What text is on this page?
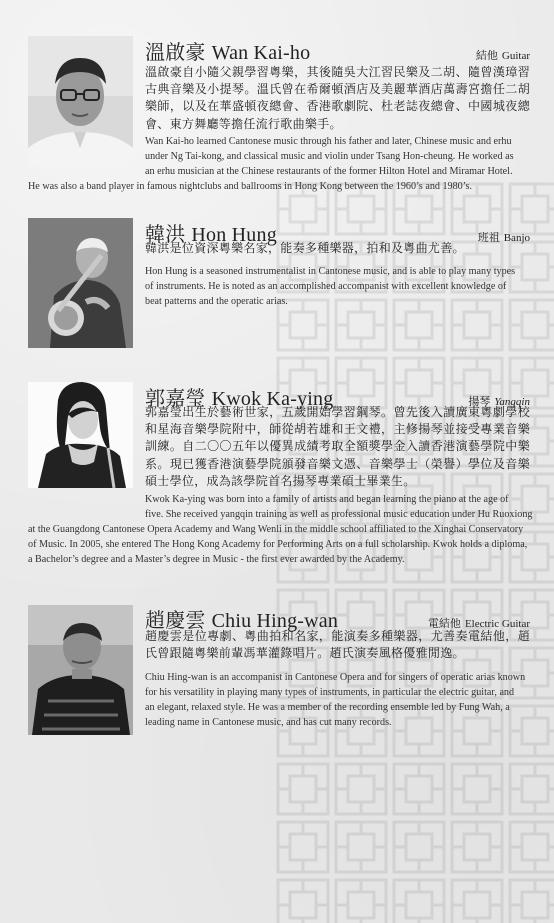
溫啟豪 Wan Kai-ho	結他 Guitar
溫啟豪自小隨父親學習粵樂，其後隨吳大江習民樂及二胡、隨曾漢璋習古典音樂及小提琴。溫氏曾在希爾頓酒店及美麗華酒店萬壽宮擔任二胡樂師，以及在華盛頓夜總會、香港歌劇院、杜老誌夜總會、中國城夜總會、東方舞廳等擔任流行歌曲樂手。
Wan Kai-ho learned Cantonese music through his father and later, Chinese music and erhu
under Ng Tai-kong, and classical music and violin under Tsang Hon-cheung. He worked as
an erhu musician at the Chinese restaurants of the former Hilton Hotel and Miramar Hotel.
He was also a band player in famous nightclubs and ballrooms in Hong Kong between the 1960’s and 1980’s.
韓洪 Hon Hung	班祖 Banjo
韓洪是位資深粵樂名家，能奏多種樂器，拍和及粵曲尤善。
Hon Hung is a seasoned instrumentalist in Cantonese music, and is able to play many types
of instruments. He is noted as an accomplished accompanist with excellent knowledge of
beat patterns and the operatic arias.
郭嘉瑩 Kwok Ka-ying	揚琴 Yangqin
郭嘉瑩出生於藝術世家，五歲開始學習鋼琴。曾先後入讀廣東粵劇學校和星海音樂學院附中，師從胡若雄和王文禮，主修揚琴並接受專業音樂訓練。自二〇〇五年以優異成績考取全額獎學金入讀香港演藝學院中樂系。現已獲香港演藝學院頒發音樂文憑、音樂學士（榮譽）學位及音樂碩士學位，成為該學院首名揚琴專業碩士畢業生。
Kwok Ka-ying was born into a family of artists and began learning the piano at the age of
five. She received yangqin training as well as professional music education under Hu Ruoxiong
at the Guangdong Cantonese Opera Academy and Wang Wenli in the middle school affiliated to the Xinghai Conservatory
of Music. In 2005, she entered The Hong Kong Academy for Performing Arts on a full scholarship. Kwok holds a diploma,
a Bachelor’s degree and a Master’s degree in Music - the first ever awarded by the Academy.
趙慶雲 Chiu Hing-wan	電結他 Electric Guitar
趙慶雲是位專劇、粵曲拍和名家，能演奏多種樂器，尤善奏電結他，趙氏曾跟隨粵樂前輩馮華灌錄唱片。趙氏演奏風格優雅閒逸。
Chiu Hing-wan is an accompanist in Cantonese Opera and for singers of operatic arias known
for his versatility in playing many types of instruments, in particular the electric guitar, and
an elegant, relaxed style. He was a member of the recording ensemble led by Fung Wah, a
leading name in Cantonese music, and has cut many records.
